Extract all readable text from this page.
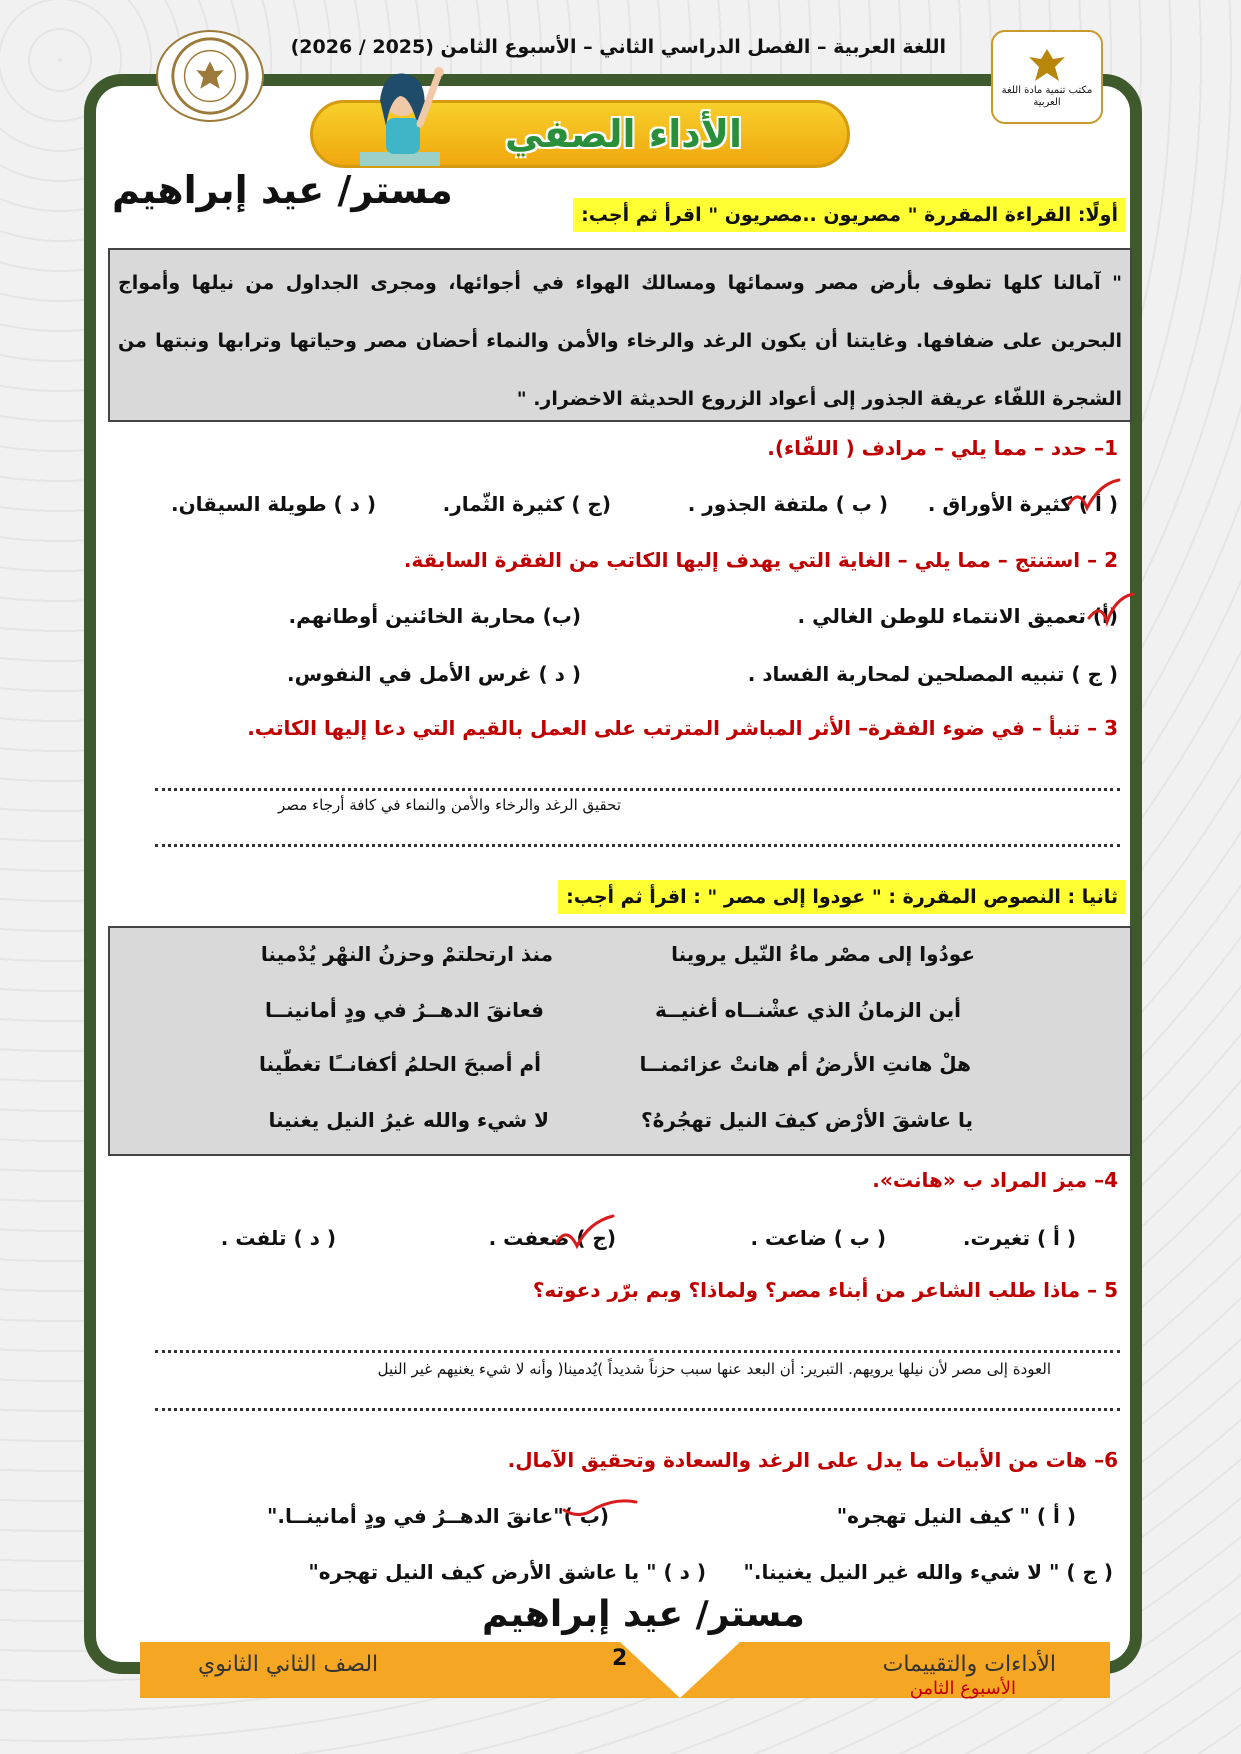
اللغة العربية – الفصل الدراسي الثاني – الأسبوع الثامن (2025 / 2026)
مكتب تنمية مادة اللغة العربية
الأداء الصفي
مستر/ عيد إبراهيم
أولًا: القراءة المقررة " مصريون ..مصريون " اقرأ ثم أجب:
" آمالنا كلها تطوف بأرض مصر وسمائها ومسالك الهواء في أجوائها، ومجرى الجداول من نيلها وأمواج البحرين على ضفافها. وغايتنا أن يكون الرغد والرخاء والأمن والنماء أحضان مصر وحياتها وترابها ونبتها من الشجرة اللفّاء عريقة الجذور إلى أعواد الزروع الحديثة الاخضرار. "
1– حدد – مما يلي – مرادف ( اللفّاء).
( أ ) كثيرة الأوراق .
( ب ) ملتفة الجذور .
(ج ) كثيرة الثّمار.
( د ) طويلة السيقان.
2 – استنتج – مما يلي – الغاية التي يهدف إليها الكاتب من الفقرة السابقة.
(أ) تعميق الانتماء للوطن الغالي .
(ب) محاربة الخائنين أوطانهم.
( ج ) تنبيه المصلحين لمحاربة الفساد .
( د ) غرس الأمل في النفوس.
3 – تنبأ – في ضوء الفقرة– الأثر المباشر المترتب على العمل بالقيم التي دعا إليها الكاتب.
تحقيق الرغد والرخاء والأمن والنماء في كافة أرجاء مصر
ثانيا : النصوص المقررة : " عودوا إلى مصر " : اقرأ ثم أجب:
عودُوا إلى مصْر ماءُ النّيل يروينا
منذ ارتحلتمْ وحزنُ النهْر يُدْمينا
أين الزمانُ الذي عشْنــاه أغنيــة
فعانقَ الدهــرُ في ودٍ أمانينــا
هلْ هانتِ الأرضُ أم هانتْ عزائمنــا
أم أصبحَ الحلمُ أكفانــًا تغطّينا
يا عاشقَ الأرْض كيفَ النيل تهجُرهُ؟
لا شيء والله غيرُ النيل يغنينا
4– ميز المراد ب «هانت».
( أ ) تغيرت.
( ب ) ضاعت .
(ج ) ضعفت .
( د ) تلفت .
5 – ماذا طلب الشاعر من أبناء مصر؟ ولماذا؟ وبم برّر دعوته؟
العودة إلى مصر لأن نيلها يرويهم. التبرير: أن البعد عنها سبب حزناً شديداً )يُدمينا( وأنه لا شيء يغنيهم غير النيل
6– هات من الأبيات ما يدل على الرغد والسعادة وتحقيق الآمال.
( أ ) " كيف النيل تهجره"
(ب )"عانقَ الدهــرُ في ودٍ أمانينــا."
( ج ) " لا شيء والله غير النيل يغنينا."
( د ) " يا عاشق الأرض كيف النيل تهجره"
مستر/ عيد إبراهيم
2	الأداءات والتقييمات
الأسبوع الثامن
الصف الثاني الثانوي
